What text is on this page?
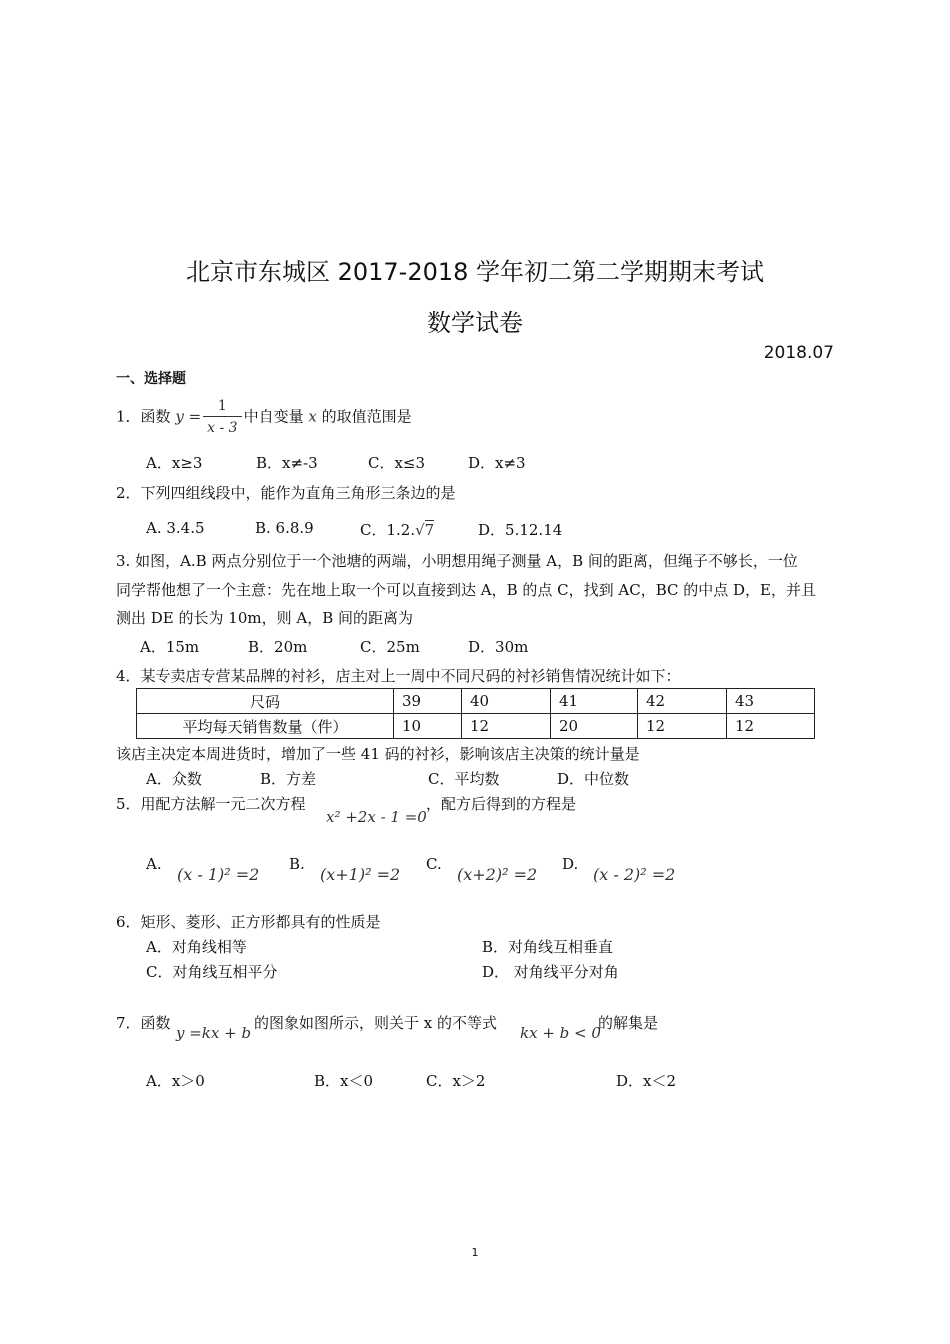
北京市东城区 2017-2018 学年初二第二学期期末考试
数学试卷
2018.07
一、选择题
1．函数 $y = \frac{1}{x - 3}$ 中自变量 x 的取值范围是
A．x≥3	B．x≠-3	C．x≤3	D．x≠3
2．下列四组线段中，能作为直角三角形三条边的是
A. 3.4.5	B. 6.8.9	C．1.2.√7	D．5.12.14
3. 如图，A.B 两点分别位于一个池塘的两端，小明想用绳子测量 A，B 间的距离，但绳子不够长，一位
同学帮他想了一个主意：先在地上取一个可以直接到达 A，B 的点 C，找到 AC，BC 的中点 D，E，并且
测出 DE 的长为 10m，则 A，B 间的距离为
A．15m	B．20m	C．25m	D．30m
4．某专卖店专营某品牌的衬衫，店主对上一周中不同尺码的衬衫销售情况统计如下：
尺码	39	40	41	42	43
平均每天销售数量（件）	10	12	20	12	12
该店主决定本周进货时，增加了一些 41 码的衬衫，影响该店主决策的统计量是
A．众数	B．方差	C．平均数	D．中位数
5．用配方法解一元二次方程
x² +2x - 1 =0
，配方后得到的方程是
A.
(x - 1)² =2
B.
(x+1)² =2
C.
(x+2)² =2
D.
(x - 2)² =2
6．矩形、菱形、正方形都具有的性质是
A．对角线相等	B．对角线互相垂直
C．对角线互相平分	D． 对角线平分对角
7．函数
y =kx + b
的图象如图所示，则关于 x 的不等式
kx + b < 0
的解集是
A．x＞0	B．x＜0	C．x＞2	D．x＜2
1
